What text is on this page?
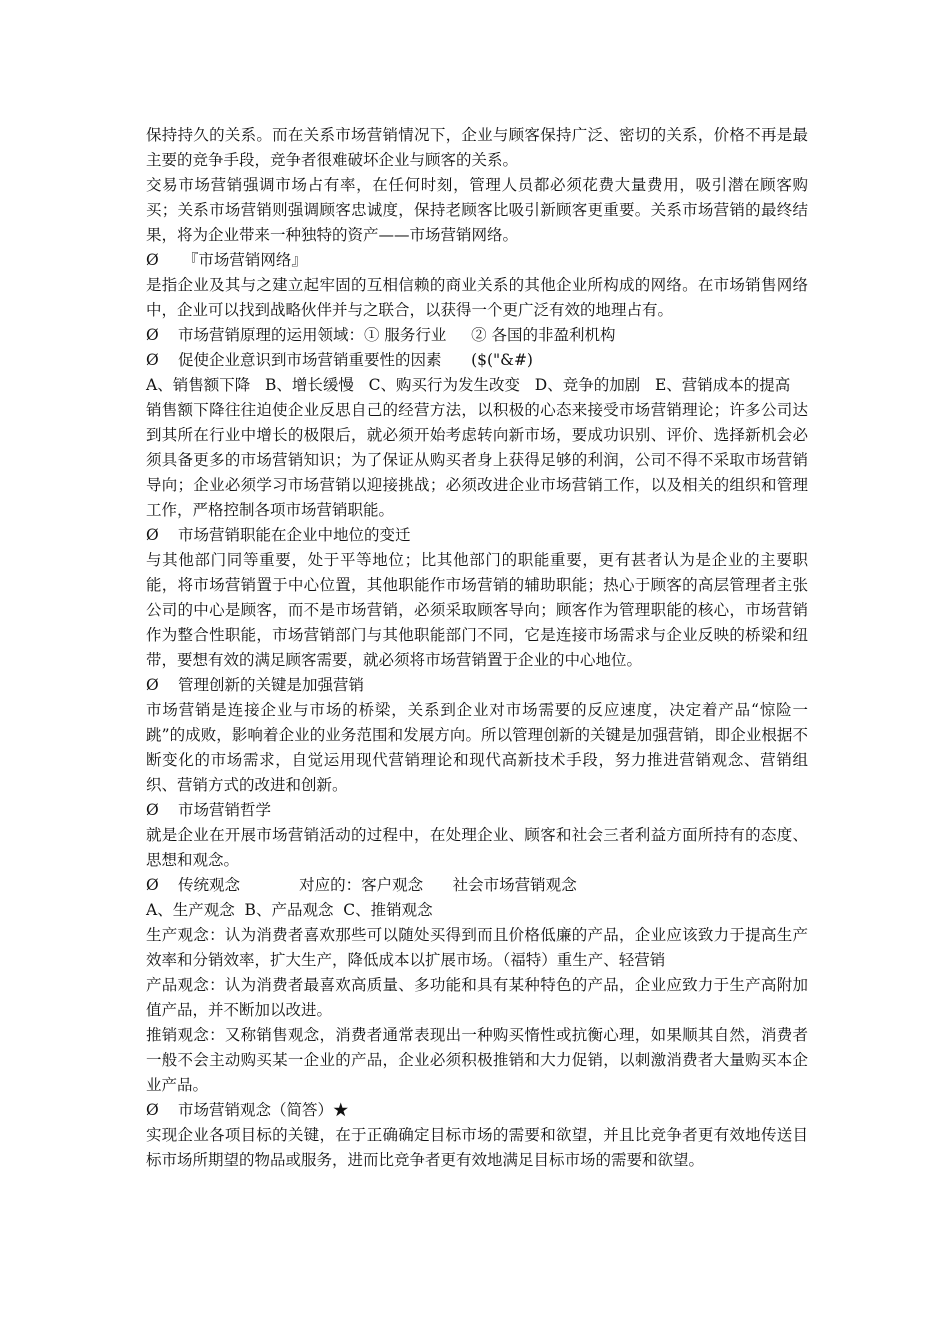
保持持久的关系。而在关系市场营销情况下，企业与顾客保持广泛、密切的关系，价格不再是最主要的竞争手段，竞争者很难破坏企业与顾客的关系。

交易市场营销强调市场占有率，在任何时刻，管理人员都必须花费大量费用，吸引潜在顾客购买；关系市场营销则强调顾客忠诚度，保持老顾客比吸引新顾客更重要。关系市场营销的最终结果，将为企业带来一种独特的资产——市场营销网络。

Ø 『市场营销网络』

是指企业及其与之建立起牢固的互相信赖的商业关系的其他企业所构成的网络。在市场销售网络中，企业可以找到战略伙伴并与之联合，以获得一个更广泛有效的地理占有。

Ø 市场营销原理的运用领域：① 服务行业     ② 各国的非盈利机构

Ø 促使企业意识到市场营销重要性的因素      ($("&#)

A、销售额下降   B、增长缓慢   C、购买行为发生改变   D、竞争的加剧   E、营销成本的提高

销售额下降往往迫使企业反思自己的经营方法，以积极的心态来接受市场营销理论；许多公司达到其所在行业中增长的极限后，就必须开始考虑转向新市场，要成功识别、评价、选择新机会必须具备更多的市场营销知识；为了保证从购买者身上获得足够的利润，公司不得不采取市场营销导向；企业必须学习市场营销以迎接挑战；必须改进企业市场营销工作，以及相关的组织和管理工作，严格控制各项市场营销职能。

Ø 市场营销职能在企业中地位的变迁

与其他部门同等重要，处于平等地位；比其他部门的职能重要，更有甚者认为是企业的主要职能，将市场营销置于中心位置，其他职能作市场营销的辅助职能；热心于顾客的高层管理者主张公司的中心是顾客，而不是市场营销，必须采取顾客导向；顾客作为管理职能的核心，市场营销作为整合性职能，市场营销部门与其他职能部门不同，它是连接市场需求与企业反映的桥梁和纽带，要想有效的满足顾客需要，就必须将市场营销置于企业的中心地位。

Ø 管理创新的关键是加强营销

市场营销是连接企业与市场的桥梁，关系到企业对市场需要的反应速度，决定着产品“惊险一跳”的成败，影响着企业的业务范围和发展方向。所以管理创新的关键是加强营销，即企业根据不断变化的市场需求，自觉运用现代营销理论和现代高新技术手段，努力推进营销观念、营销组织、营销方式的改进和创新。

Ø 市场营销哲学

就是企业在开展市场营销活动的过程中，在处理企业、顾客和社会三者利益方面所持有的态度、思想和观念。

Ø 传统观念            对应的：客户观念      社会市场营销观念

A、生产观念  B、产品观念  C、推销观念

生产观念：认为消费者喜欢那些可以随处买得到而且价格低廉的产品，企业应该致力于提高生产效率和分销效率，扩大生产，降低成本以扩展市场。（福特）重生产、轻营销

产品观念：认为消费者最喜欢高质量、多功能和具有某种特色的产品，企业应致力于生产高附加值产品，并不断加以改进。

推销观念：又称销售观念，消费者通常表现出一种购买惰性或抗衡心理，如果顺其自然，消费者一般不会主动购买某一企业的产品，企业必须积极推销和大力促销，以刺激消费者大量购买本企业产品。

Ø 市场营销观念（简答）★

实现企业各项目标的关键，在于正确确定目标市场的需要和欲望，并且比竞争者更有效地传送目标市场所期望的物品或服务，进而比竞争者更有效地满足目标市场的需要和欲望。
